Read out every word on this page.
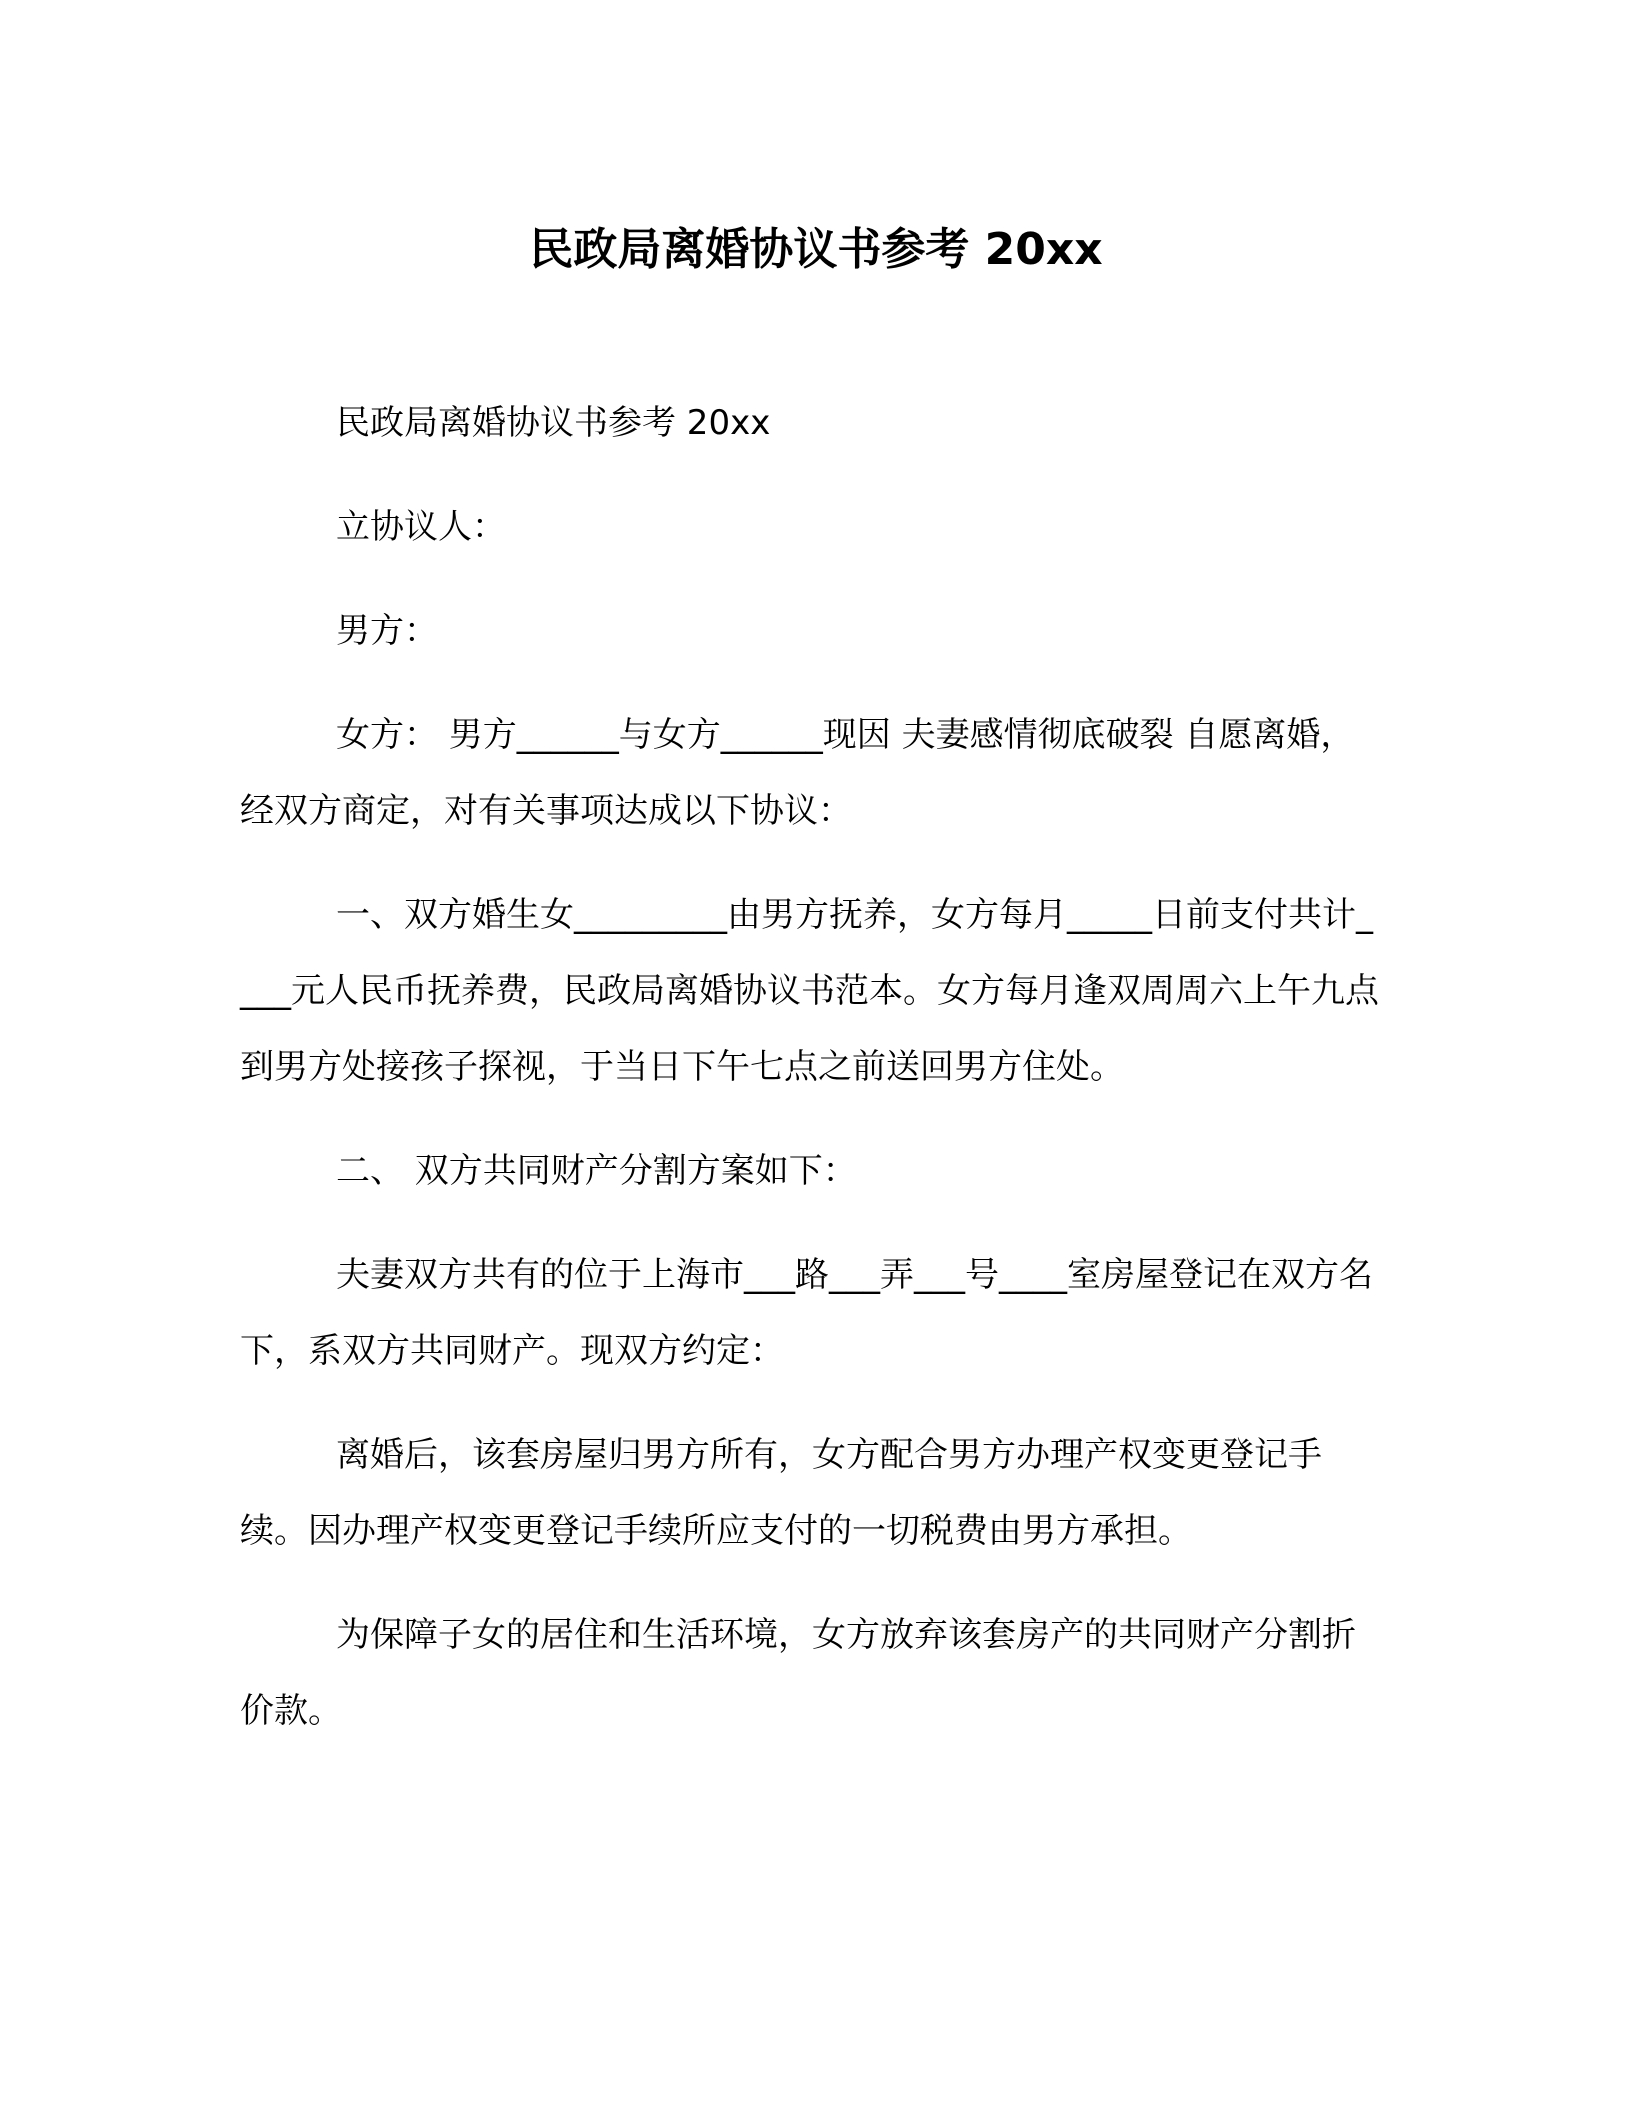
民政局离婚协议书参考 20xx

民政局离婚协议书参考 20xx

立协议人：

男方：

女方： 男方______与女方______现因 夫妻感情彻底破裂 自愿离婚，经双方商定，对有关事项达成以下协议：

一、双方婚生女_________由男方抚养，女方每月_____日前支付共计____元人民币抚养费，民政局离婚协议书范本。女方每月逢双周周六上午九点到男方处接孩子探视，于当日下午七点之前送回男方住处。

二、 双方共同财产分割方案如下：

夫妻双方共有的位于上海市___路___弄___号____室房屋登记在双方名下，系双方共同财产。现双方约定：

离婚后，该套房屋归男方所有，女方配合男方办理产权变更登记手续。因办理产权变更登记手续所应支付的一切税费由男方承担。

为保障子女的居住和生活环境，女方放弃该套房产的共同财产分割折价款。
